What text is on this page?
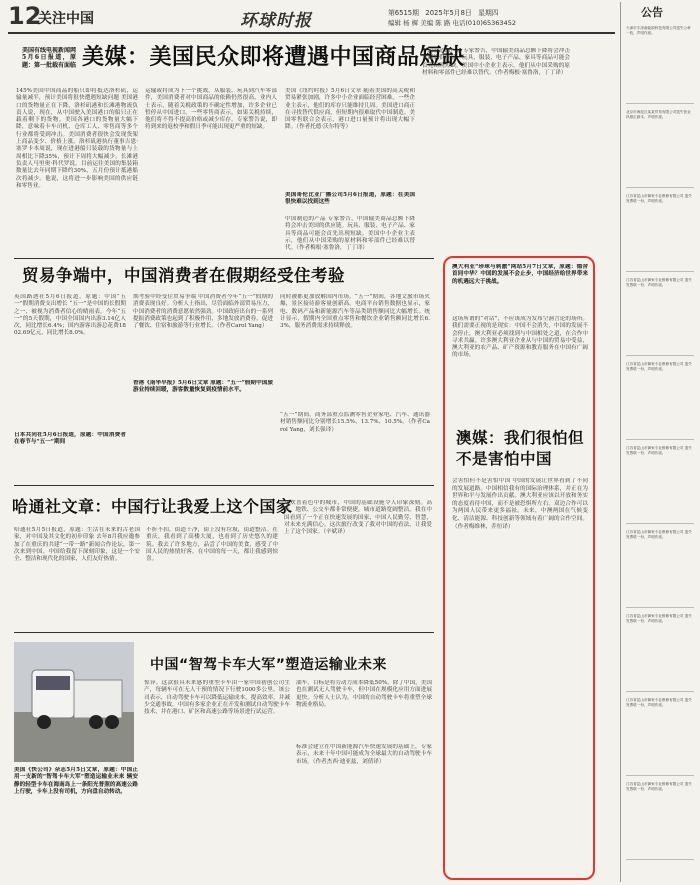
12
关注中国	环球时报	第6515期 2025年5月8日 星期四
编辑 杨 樨 美编 陈 路 电话(010)65363452
美国有线电视新闻网5月6日报道，原题：第一批载有面临 美媒：美国民众即将遭遇中国商品短缺
145%美国中国商品的船只即将抵达洛杉矶，运输量减半，预计美国将很快遭遇短缺问题 美国港口的货物量正在下降，洛杉矶港和长滩港物流负责人说，现在，从中国驶入美国港口的船只正在载着剩下的货物。美国各港口的货物量大幅下降，意味着卡车司机、仓库工人、零售商等多个行业都将受到冲击。美国消费者很快会发现货架上商品变少、价格上涨。洛杉矶港执行董事吉恩·塞罗卡本周说，现在进港船只装载的货物量与上周相比下降35%，预计下周将大幅减少。长滩港负责人马里奥·科代罗说，目前运往美国的集装箱数量比去年同期下降约30%，五月份预计抵港船次将减少。他说，这将进一步影响美国的供应链和零售业。
运输或将成为下一个挑战。从服装、玩具到汽车零部件，美国消费者对中国商品的依赖仍然很高。业内人士表示，随着关税政策的不确定性增加，许多企业已暂停从中国进口。一些零售商表示，如果关税持续，他们将不得不提高价格或减少库存。专家警告说，即将到来的返校季和假日季可能出现更严重的短缺。
美国《纽约时报》5月6日文章 随着美国的高关税和贸易紧张加剧，许多中小企业面临经营困难。一些企业主表示，他们的库存只能维持几周。美国进口商正在寻找替代供应商，但短期内很难取代中国制造。美国零售联合会表示，港口进口量预计将出现大幅下降。（作者托德·沃尔特等）
美国哥伦比亚广播公司5月6日报道，原题：在美国很快难以找到这些
中国制造的产品 专家警告，中国输美商品总额下降将会冲击美国的供应链。玩具、服装、电子产品、家具等商品可能会首先出现短缺。美国中小企业主表示，他们从中国采购的原材料和零部件已经难以替代。（作者梅根·塞鲁洛，丁丁译）
中国制造的产品 专家警告，中国输美商品总额下降将会冲击美国的供应链。玩具、服装、电子产品、家具等商品可能会首先出现短缺。美国中小企业主表示，他们从中国采购的原材料和零部件已经难以替代。（作者梅根·塞鲁洛，丁丁译）
贸易争端中，中国消费者在假期经受住考验
英国路透社5月6日报道，原题：中国“五一”假期消费支出增长 “五一”是中国的长假期之一，被视为消费者信心的晴雨表。今年“五一”的5天假期，中国全国国内出游3.14亿人次，同比增长6.4%；国内游客出游总花费1802.69亿元，同比增长8.0%。
日本共同社5月6日报道，原题：中国消费者在春节与“五一”期间
期考验中经受住贸易争端 中国消费者今年“五一”假期的消费表现良好。分析人士指出，尽管面临外部贸易压力，中国消费者的消费意愿依然强劲。中国政府出台的一系列提振消费政策也起到了积极作用，多地发放消费券，促进了餐饮、住宿和旅游等行业增长。（作者Carol Yang）
香港《南华早报》5月6日文章 原题：“五一”假期中国旅游业持续回暖，游客数量恢复到疫情前水平。
同时被都更加放解国内市场。“五一”期间，各地文旅市场火爆，景区接待游客量创新高。电商平台销售数据也显示，家电、数码产品和新能源汽车等品类销售额同比大幅增长。统计显示，假期内全国重点零售和餐饮企业销售额同比增长6.3%，服务消费需求持续释放。
“五一”期间，商务部重点监测零售企业家电、汽车、通讯器材销售额同比分别增长15.5%、13.7%、10.5%。（作者Carol Yang，刘长强译）
哈通社文章：中国行让我爱上这个国家
哈通社5月5日报道，原题：生活在未来的古老国家，对中国及其文化的初步印象 去年8月我应邀参加了在重庆的共建“一带一路”新闻合作论坛，第一次来到中国。中国给我留下深刻印象，这是一个安全、整洁和现代化的国家，人们友好热情。
不折不扣，街道干净，街上没有垃圾，街道整洁。在重庆，我看到了高楼大厦，也看到了历史悠久的建筑。我去了许多地方，品尝了中国的美食，感受了中国人民的热情好客。在中国的每一天，都让我感到惊喜。
边欢喜着色中的城市，中国的基础设施令人印象深刻。高铁、地铁、公交车都非常便捷，城市道路宽阔整洁。我在中国看到了一个正在快速发展的国家，中国人民勤劳、智慧，对未来充满信心。这次旅行改变了我对中国的看法，让我爱上了这个国家。（辛斌译）
中国“智驾卡车大军”塑造运输业未来
美国《快公司》杂志5月5日文章，原题：中国正用一支新的“智驾卡车大军”塑造运输业未来 辆安静的轻型卡车在海南岛上一条阳光普照的高速公路上行驶，卡车上没有司机，方向盘自动转动。
惊异。这款很具未来感的重型卡车由一家中国初创公司生产，每辆车可在无人干预的情况下行驶1000多公里。该公司表示，自动驾驶卡车可以降低运输成本，提高效率，并减少交通事故。中国有多家企业正在开发和测试自动驾驶卡车技术，并在港口、矿区和高速公路等场景进行试运营。
油车，目标是将劳动力成本降低50%。除了中国，美国也在测试无人驾驶卡车，但中国在规模化应用方面进展更快。分析人士认为，中国的自动驾驶卡车将重塑全球物流业格局。
标准会建立在中国新能源汽车快速发展的基础上，专家表示，未来十年中国可能成为全球最大的自动驾驶卡车市场。（作者杰西·迪亚兹，刘倩译）
澳大利亚“珍珠与刺激”网站5月7日文章，原题：德舍首同中华？中国的发展不会止步，中国经济给世界带来的机遇远大于挑战。
这场所谓的“对话”，不应该成为发布空洞言论的场所。我们需要正视的是现实：中国不会消失，中国的发展不会停止，澳大利亚必须找到与中国相处之道，在合作中寻求共赢。许多澳大利亚企业从与中国的贸易中受益，澳大利亚的农产品、矿产资源和教育服务在中国有广阔的市场。
澳媒：我们很怕但不是害怕中国
会害怕但不是害怕中国 中国的发展让世界看到了不同的发展道路。中国相信我有的国际治理体系，并正在为世界和平与发展作出贡献。澳大利亚应该以开放和务实的态度看待中国，而不是被恐惧所左右。双边合作可以为两国人民带来更多福祉。未来，中澳两国在气候变化、清洁能源、科技创新等领域有着广阔的合作空间。（作者梅维林，乔恒译）
公告
天津市宇泽新能源科技有限公司遗失公章一枚，声明作废。
北京市海淀区某某贸易有限公司遗失营业执照正副本，声明作废。
江苏省昆山市御家专业维修有限公司 遗失发票联一份，声明作废。
江苏省昆山市御家专业维修有限公司 遗失发票联一份，声明作废。
江苏省昆山市御家专业维修有限公司 遗失发票联一份，声明作废。
江苏省昆山市御家专业维修有限公司 遗失发票联一份，声明作废。
江苏省昆山市御家专业维修有限公司 遗失发票联一份，声明作废。
江苏省昆山市御家专业维修有限公司 遗失发票联一份，声明作废。
江苏省昆山市御家专业维修有限公司 遗失发票联一份，声明作废。
江苏省昆山市御家专业维修有限公司 遗失发票联一份，声明作废。
